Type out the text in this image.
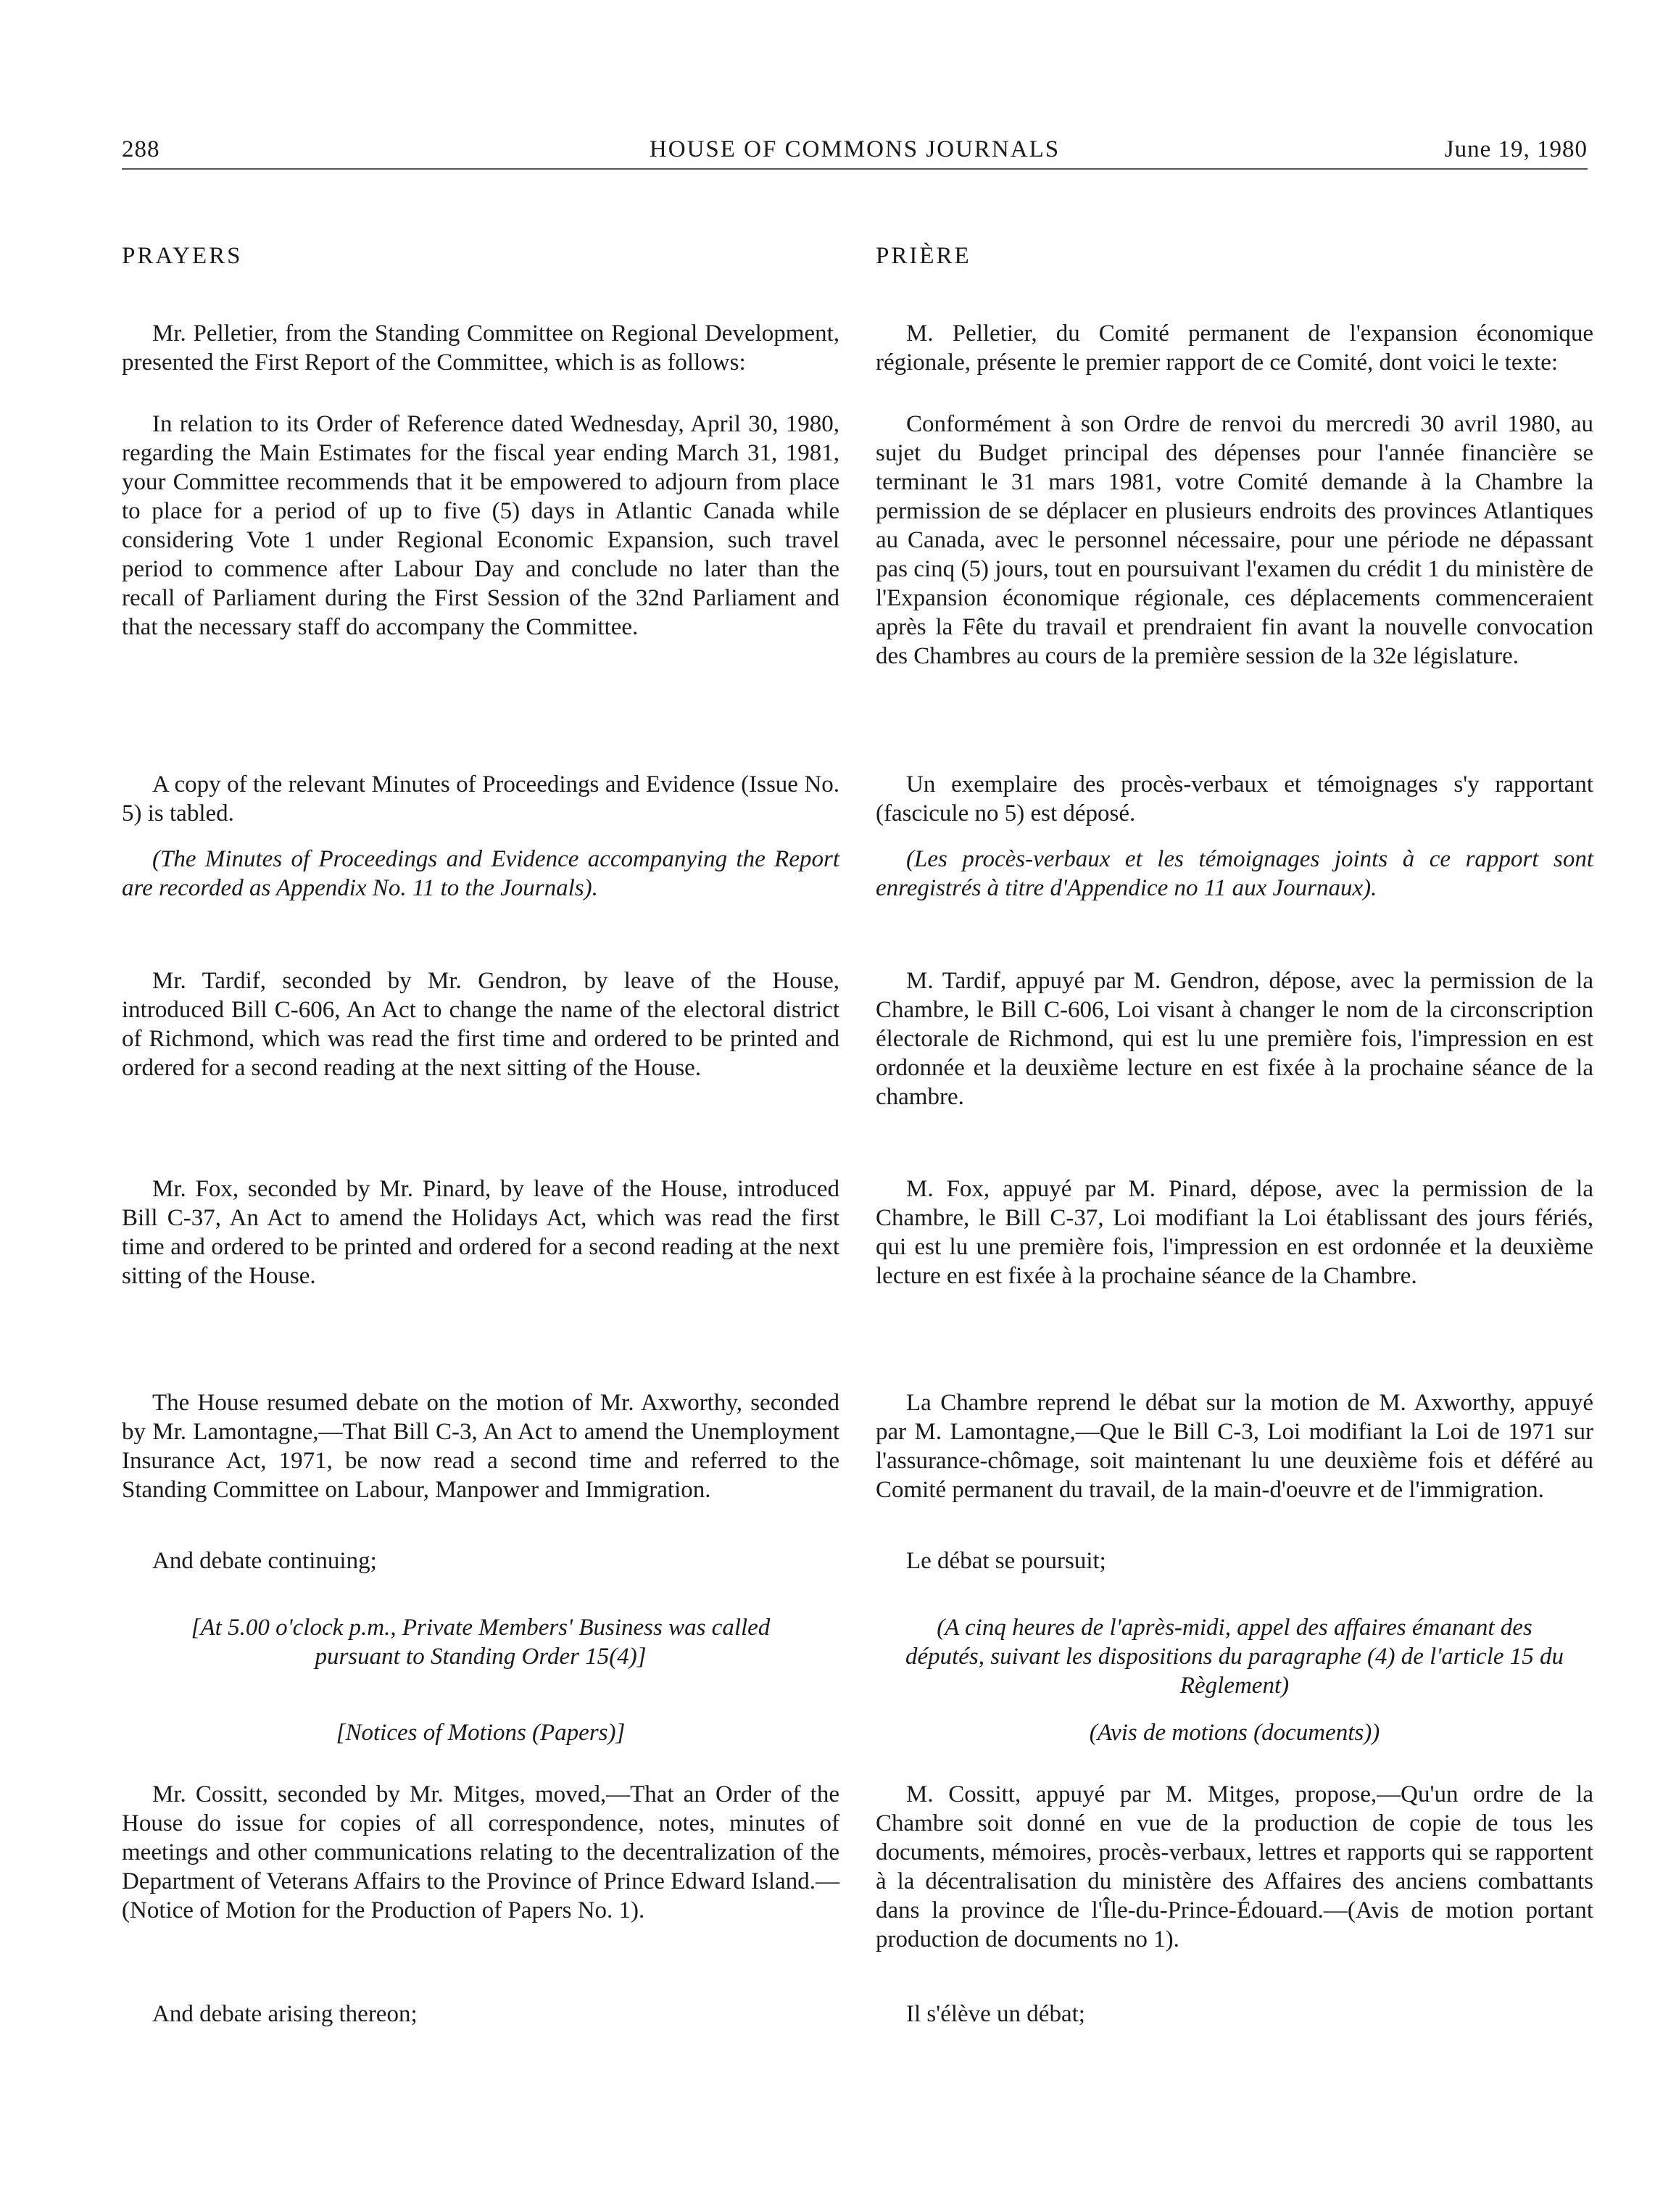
288	HOUSE OF COMMONS JOURNALS	June 19, 1980

PRAYERS

Mr. Pelletier, from the Standing Committee on Regional Development, presented the First Report of the Committee, which is as follows:

In relation to its Order of Reference dated Wednesday, April 30, 1980, regarding the Main Estimates for the fiscal year ending March 31, 1981, your Committee recommends that it be empowered to adjourn from place to place for a period of up to five (5) days in Atlantic Canada while considering Vote 1 under Regional Economic Expansion, such travel period to commence after Labour Day and conclude no later than the recall of Parliament during the First Session of the 32nd Parliament and that the necessary staff do accompany the Committee.

A copy of the relevant Minutes of Proceedings and Evidence (Issue No. 5) is tabled.

(The Minutes of Proceedings and Evidence accompanying the Report are recorded as Appendix No. 11 to the Journals).

Mr. Tardif, seconded by Mr. Gendron, by leave of the House, introduced Bill C-606, An Act to change the name of the electoral district of Richmond, which was read the first time and ordered to be printed and ordered for a second reading at the next sitting of the House.

Mr. Fox, seconded by Mr. Pinard, by leave of the House, introduced Bill C-37, An Act to amend the Holidays Act, which was read the first time and ordered to be printed and ordered for a second reading at the next sitting of the House.

The House resumed debate on the motion of Mr. Axworthy, seconded by Mr. Lamontagne,—That Bill C-3, An Act to amend the Unemployment Insurance Act, 1971, be now read a second time and referred to the Standing Committee on Labour, Manpower and Immigration.

And debate continuing;

[At 5.00 o'clock p.m., Private Members' Business was called pursuant to Standing Order 15(4)]

[Notices of Motions (Papers)]

Mr. Cossitt, seconded by Mr. Mitges, moved,—That an Order of the House do issue for copies of all correspondence, notes, minutes of meetings and other communications relating to the decentralization of the Department of Veterans Affairs to the Province of Prince Edward Island.—(Notice of Motion for the Production of Papers No. 1).

And debate arising thereon;

PRIÈRE

M. Pelletier, du Comité permanent de l'expansion économique régionale, présente le premier rapport de ce Comité, dont voici le texte:

Conformément à son Ordre de renvoi du mercredi 30 avril 1980, au sujet du Budget principal des dépenses pour l'année financière se terminant le 31 mars 1981, votre Comité demande à la Chambre la permission de se déplacer en plusieurs endroits des provinces Atlantiques au Canada, avec le personnel nécessaire, pour une période ne dépassant pas cinq (5) jours, tout en poursuivant l'examen du crédit 1 du ministère de l'Expansion économique régionale, ces déplacements commenceraient après la Fête du travail et prendraient fin avant la nouvelle convocation des Chambres au cours de la première session de la 32e législature.

Un exemplaire des procès-verbaux et témoignages s'y rapportant (fascicule no 5) est déposé.

(Les procès-verbaux et les témoignages joints à ce rapport sont enregistrés à titre d'Appendice no 11 aux Journaux).

M. Tardif, appuyé par M. Gendron, dépose, avec la permission de la Chambre, le Bill C-606, Loi visant à changer le nom de la circonscription électorale de Richmond, qui est lu une première fois, l'impression en est ordonnée et la deuxième lecture en est fixée à la prochaine séance de la chambre.

M. Fox, appuyé par M. Pinard, dépose, avec la permission de la Chambre, le Bill C-37, Loi modifiant la Loi établissant des jours fériés, qui est lu une première fois, l'impression en est ordonnée et la deuxième lecture en est fixée à la prochaine séance de la Chambre.

La Chambre reprend le débat sur la motion de M. Axworthy, appuyé par M. Lamontagne,—Que le Bill C-3, Loi modifiant la Loi de 1971 sur l'assurance-chômage, soit maintenant lu une deuxième fois et déféré au Comité permanent du travail, de la main-d'oeuvre et de l'immigration.

Le débat se poursuit;

(A cinq heures de l'après-midi, appel des affaires émanant des députés, suivant les dispositions du paragraphe (4) de l'article 15 du Règlement)

(Avis de motions (documents))

M. Cossitt, appuyé par M. Mitges, propose,—Qu'un ordre de la Chambre soit donné en vue de la production de copie de tous les documents, mémoires, procès-verbaux, lettres et rapports qui se rapportent à la décentralisation du ministère des Affaires des anciens combattants dans la province de l'Île-du-Prince-Édouard.—(Avis de motion portant production de documents no 1).

Il s'élève un débat;
